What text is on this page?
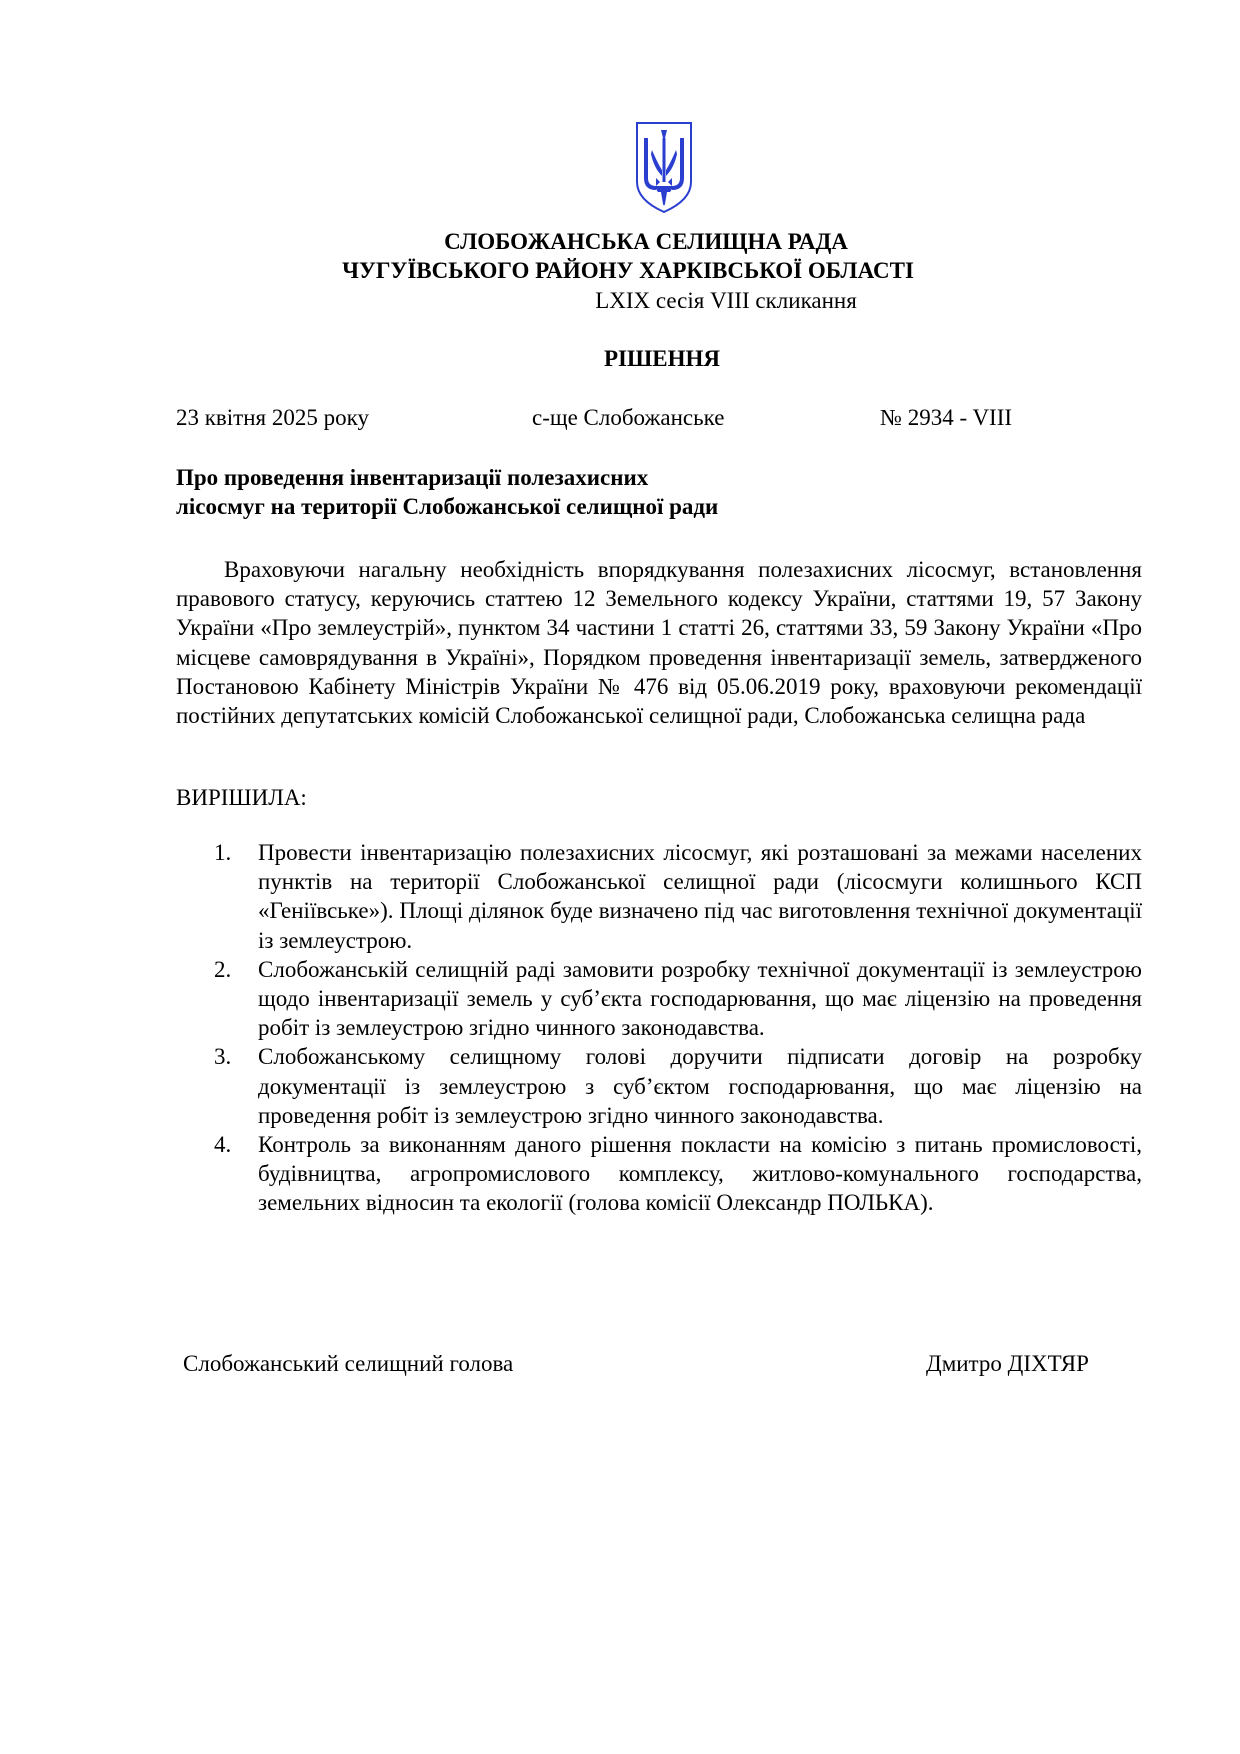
СЛОБОЖАНСЬКА СЕЛИЩНА РАДА
ЧУГУЇВСЬКОГО РАЙОНУ ХАРКІВСЬКОЇ ОБЛАСТІ
LXIX сесія VIII скликання
РІШЕННЯ
23 квітня 2025 року	с-ще Слобожанське	№ 2934 - VIII
Про проведення інвентаризації полезахисних
лісосмуг на території Слобожанської селищної ради
Враховуючи нагальну необхідність впорядкування полезахисних лісосмуг, встановлення правового статусу, керуючись статтею 12 Земельного кодексу України, статтями 19, 57 Закону України «Про землеустрій», пунктом 34 частини 1 статті 26, статтями 33, 59 Закону України «Про місцеве самоврядування в Україні», Порядком проведення інвентаризації земель, затвердженого Постановою Кабінету Міністрів України № 476 від 05.06.2019 року, враховуючи рекомендації постійних депутатських комісій Слобожанської селищної ради, Слобожанська селищна рада
ВИРІШИЛА:
1. Провести інвентаризацію полезахисних лісосмуг, які розташовані за межами населених пунктів на території Слобожанської селищної ради (лісосмуги колишнього КСП «Геніївське»). Площі ділянок буде визначено під час виготовлення технічної документації із землеустрою.
2. Слобожанській селищній раді замовити розробку технічної документації із землеустрою щодо інвентаризації земель у суб’єкта господарювання, що має ліцензію на проведення робіт із землеустрою згідно чинного законодавства.
3. Слобожанському селищному голові доручити підписати договір на розробку документації із землеустрою з суб’єктом господарювання, що має ліцензію на проведення робіт із землеустрою згідно чинного законодавства.
4. Контроль за виконанням даного рішення покласти на комісію з питань промисловості, будівництва, агропромислового комплексу, житлово-комунального господарства, земельних відносин та екології (голова комісії Олександр ПОЛЬКА).
Слобожанський селищний голова	Дмитро ДІХТЯР
